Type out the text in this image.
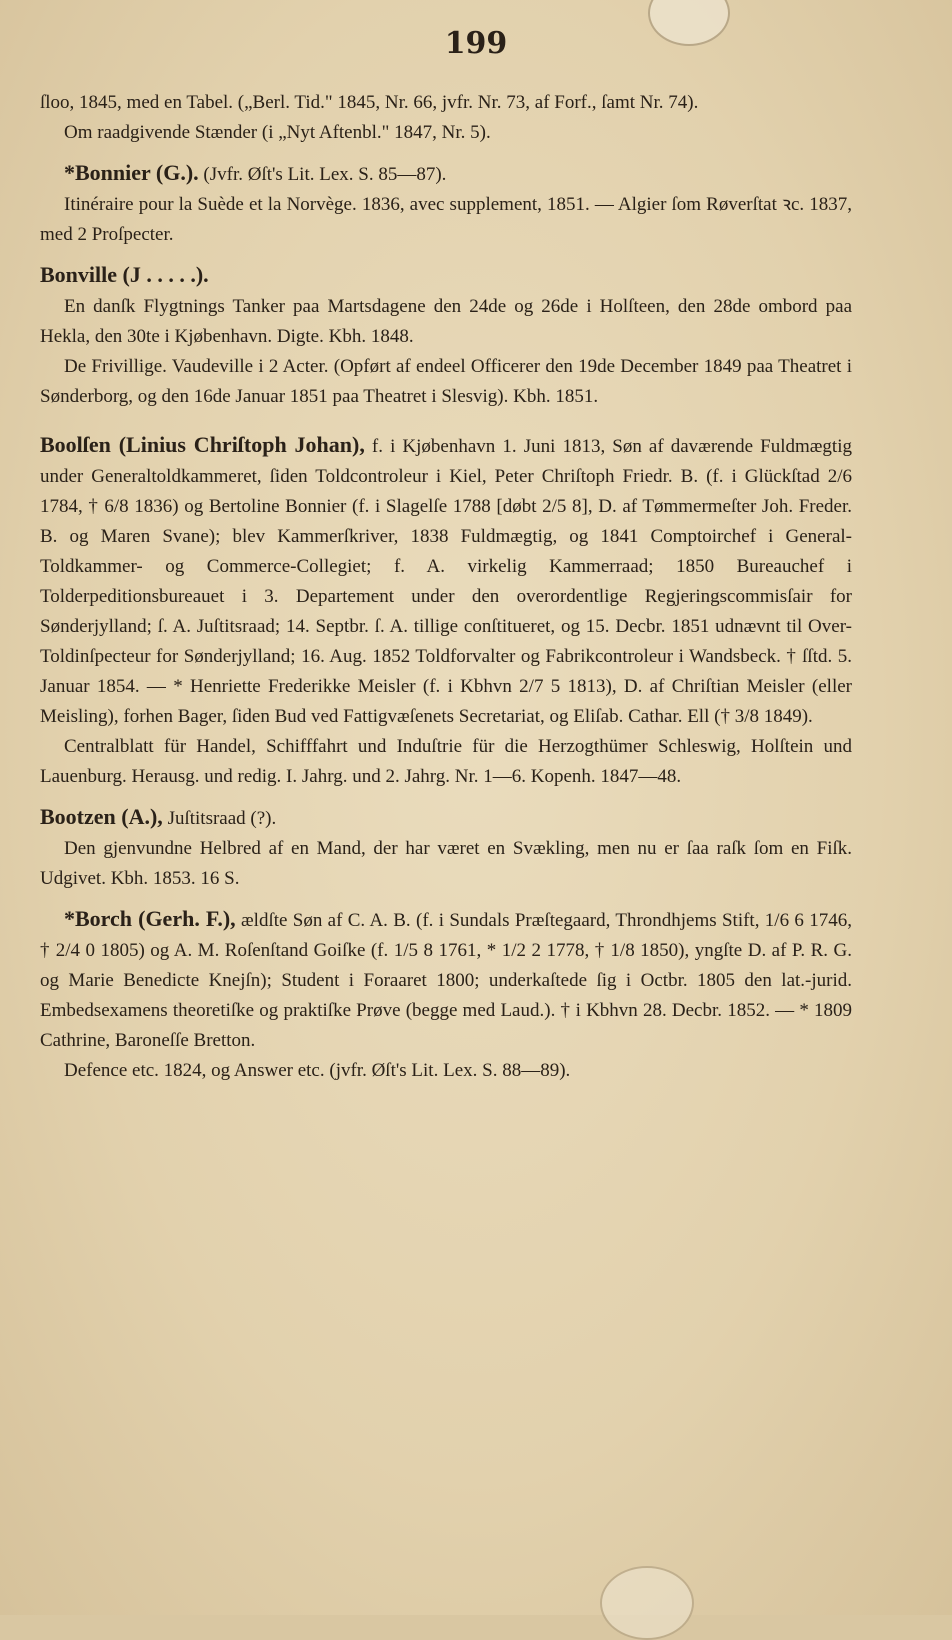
199

ſloo, 1845, med en Tabel. („Berl. Tid." 1845, Nr. 66, jvfr. Nr. 73, af Forf., ſamt Nr. 74).

Om raadgivende Stænder (i „Nyt Aftenbl." 1847, Nr. 5).

*Bonnier (G.). (Jvfr. Øſt's Lit. Lex. S. 85—87).

Itinéraire pour la Suède et la Norvège. 1836, avec supplement, 1851. — Algier ſom Røverſtat ꝛc. 1837, med 2 Proſpecter.

Bonville (J . . . . .).

En danſk Flygtnings Tanker paa Martsdagene den 24de og 26de i Holſteen, den 28de ombord paa Hekla, den 30te i Kjøbenhavn. Digte. Kbh. 1848.

De Frivillige. Vaudeville i 2 Acter. (Opført af endeel Officerer den 19de December 1849 paa Theatret i Sønderborg, og den 16de Januar 1851 paa Theatret i Slesvig). Kbh. 1851.

Boolſen (Linius Chriſtoph Johan), f. i Kjøbenhavn 1. Juni 1813, Søn af daværende Fuldmægtig under Generaltoldkammeret, ſiden Toldcontroleur i Kiel, Peter Chriſtoph Friedr. B. (f. i Glückſtad 2/6 1784, † 6/8 1836) og Bertoline Bonnier (f. i Slagelſe 1788 [døbt 2/5 8], D. af Tømmermeſter Joh. Freder. B. og Maren Svane); blev Kammerſkriver, 1838 Fuldmægtig, og 1841 Comptoirchef i General-Toldkammer- og Commerce-Collegiet; f. A. virkelig Kammerraad; 1850 Bureauchef i Tolderpeditionsbureauet i 3. Departement under den overordentlige Regjeringscommisſair for Sønderjylland; ſ. A. Juſtitsraad; 14. Septbr. ſ. A. tillige conſtitueret, og 15. Decbr. 1851 udnævnt til Over-Toldinſpecteur for Sønderjylland; 16. Aug. 1852 Toldforvalter og Fabrikcontroleur i Wandsbeck. † ſſtd. 5. Januar 1854. — * Henriette Frederikke Meisler (f. i Kbhvn 2/7 5 1813), D. af Chriſtian Meisler (eller Meisling), forhen Bager, ſiden Bud ved Fattigvæſenets Secretariat, og Eliſab. Cathar. Ell († 3/8 1849).

Centralblatt für Handel, Schifffahrt und Induſtrie für die Herzogthümer Schleswig, Holſtein und Lauenburg. Herausg. und redig. I. Jahrg. und 2. Jahrg. Nr. 1—6. Kopenh. 1847—48.

Bootzen (A.), Juſtitsraad (?).

Den gjenvundne Helbred af en Mand, der har været en Svækling, men nu er ſaa raſk ſom en Fiſk. Udgivet. Kbh. 1853. 16 S.

*Borch (Gerh. F.), ældſte Søn af C. A. B. (f. i Sundals Præſtegaard, Throndhjems Stift, 1/6 6 1746, † 2/4 0 1805) og A. M. Roſenſtand Goiſke (f. 1/5 8 1761, * 1/2 2 1778, † 1/8 1850), yngſte D. af P. R. G. og Marie Benedicte Knejſn); Student i Foraaret 1800; underkaſtede ſig i Octbr. 1805 den lat.-jurid. Embedsexamens theoretiſke og praktiſke Prøve (begge med Laud.). † i Kbhvn 28. Decbr. 1852. — * 1809 Cathrine, Baroneſſe Bretton.

Defence etc. 1824, og Answer etc. (jvfr. Øſt's Lit. Lex. S. 88—89).
